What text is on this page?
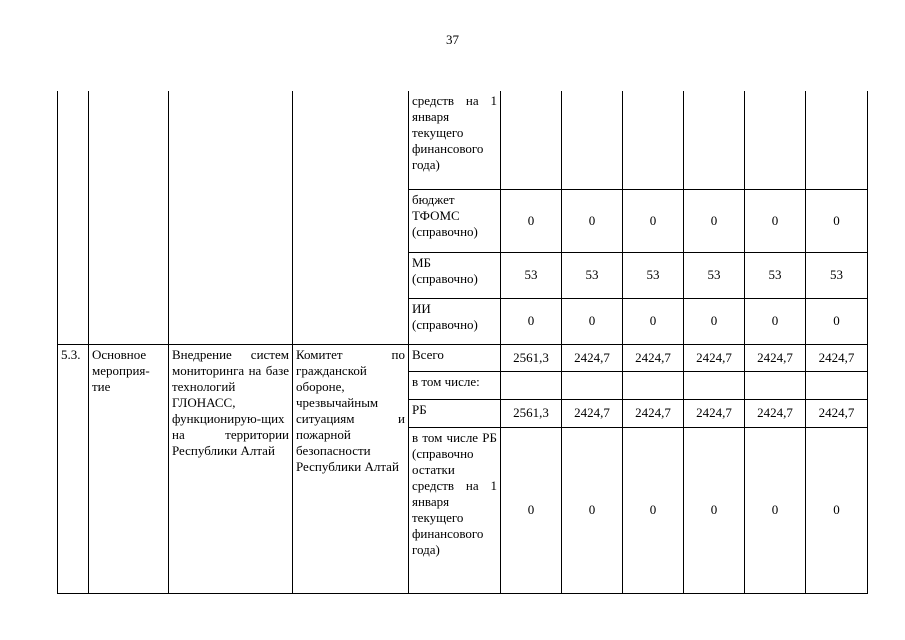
37
				средств на 1 января текущего финансового года)						
				бюджет ТФОМС (справочно)	0	0	0	0	0	0
				МБ (справочно)	53	53	53	53	53	53
				ИИ (справочно)	0	0	0	0	0	0
5.3.	Основное мероприя-тие	Внедрение систем мониторинга на базе технологий ГЛОНАСС, функционирую-щих на территории Республики Алтай	Комитет по гражданской обороне, чрезвычайным ситуациям и пожарной безопасности Республики Алтай	Всего	2561,3	2424,7	2424,7	2424,7	2424,7	2424,7
				в том числе:						
				РБ	2561,3	2424,7	2424,7	2424,7	2424,7	2424,7
				в том числе РБ (справочно остатки средств на 1 января текущего финансового года)	0	0	0	0	0	0
